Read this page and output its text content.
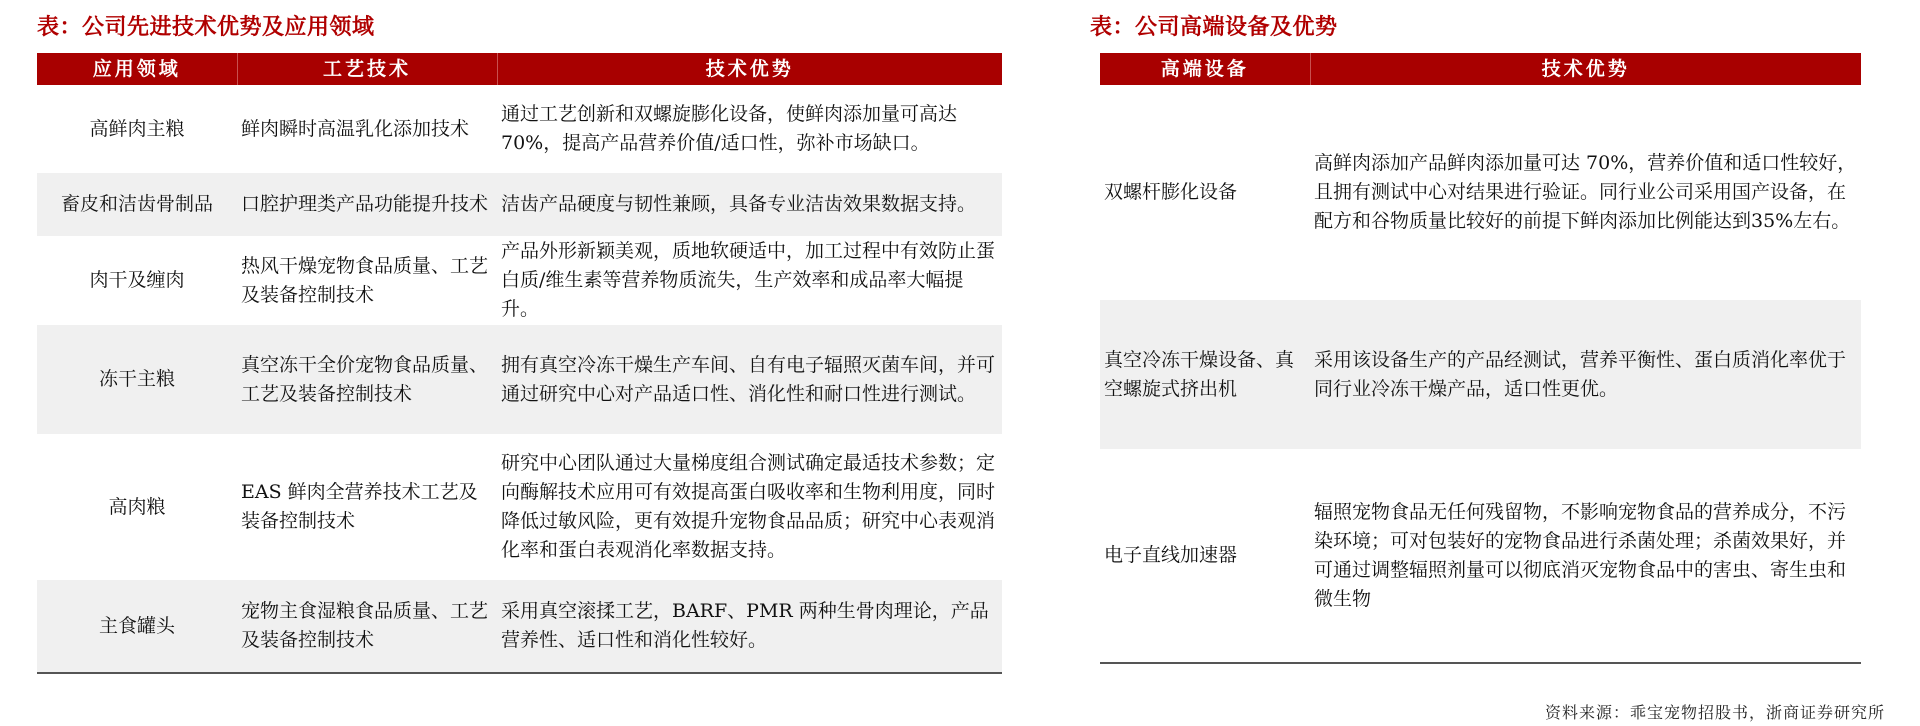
表：公司先进技术优势及应用领域
应用领域	工艺技术	技术优势
高鲜肉主粮	鲜肉瞬时高温乳化添加技术	通过工艺创新和双螺旋膨化设备，使鲜肉添加量可高达70%，提高产品营养价值/适口性，弥补市场缺口。
畜皮和洁齿骨制品	口腔护理类产品功能提升技术	洁齿产品硬度与韧性兼顾，具备专业洁齿效果数据支持。
肉干及缠肉	热风干燥宠物食品质量、工艺及装备控制技术	产品外形新颖美观，质地软硬适中，加工过程中有效防止蛋白质/维生素等营养物质流失，生产效率和成品率大幅提升。
冻干主粮	真空冻干全价宠物食品质量、工艺及装备控制技术	拥有真空冷冻干燥生产车间、自有电子辐照灭菌车间，并可通过研究中心对产品适口性、消化性和耐口性进行测试。
高肉粮	EAS 鲜肉全营养技术工艺及装备控制技术	研究中心团队通过大量梯度组合测试确定最适技术参数；定向酶解技术应用可有效提高蛋白吸收率和生物利用度，同时降低过敏风险，更有效提升宠物食品品质；研究中心表观消化率和蛋白表观消化率数据支持。
主食罐头	宠物主食湿粮食品质量、工艺及装备控制技术	采用真空滚揉工艺，BARF、PMR 两种生骨肉理论，产品营养性、适口性和消化性较好。
表：公司高端设备及优势
高端设备	技术优势
双螺杆膨化设备	高鲜肉添加产品鲜肉添加量可达 70%，营养价值和适口性较好，且拥有测试中心对结果进行验证。同行业公司采用国产设备，在配方和谷物质量比较好的前提下鲜肉添加比例能达到35%左右。
真空冷冻干燥设备、真空螺旋式挤出机	采用该设备生产的产品经测试，营养平衡性、蛋白质消化率优于同行业冷冻干燥产品，适口性更优。
电子直线加速器	辐照宠物食品无任何残留物，不影响宠物食品的营养成分，不污染环境；可对包装好的宠物食品进行杀菌处理；杀菌效果好，并可通过调整辐照剂量可以彻底消灭宠物食品中的害虫、寄生虫和微生物
资料来源：乖宝宠物招股书，浙商证券研究所
